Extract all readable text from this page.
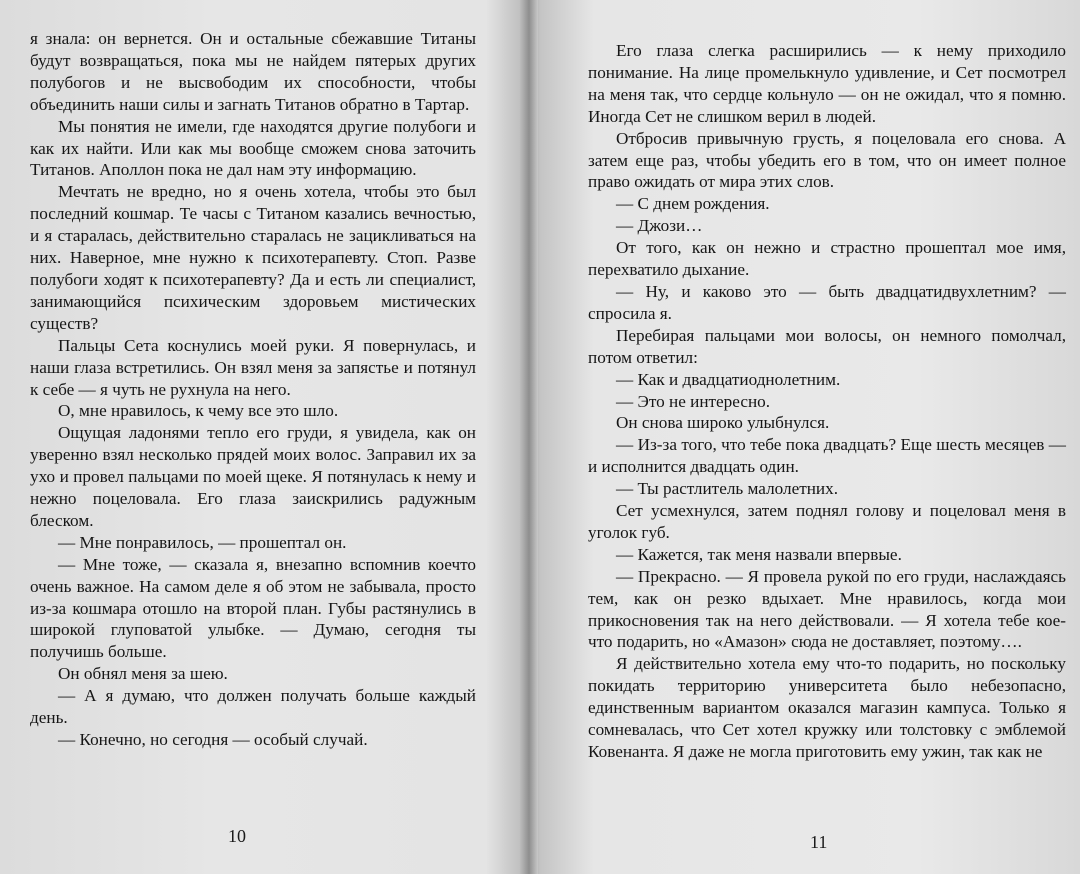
я знала: он вернется. Он и остальные сбежавшие Титаны будут возвращаться, пока мы не найдем пятерых других полубогов и не высвободим их способности, чтобы объединить наши силы и загнать Титанов обратно в Тартар.

Мы понятия не имели, где находятся другие полубоги и как их найти. Или как мы вообще сможем снова заточить Титанов. Аполлон пока не дал нам эту информацию.

Мечтать не вредно, но я очень хотела, чтобы это был последний кошмар. Те часы с Титаном казались вечностью, и я старалась, действительно старалась не зацикливаться на них. Наверное, мне нужно к психотерапевту. Стоп. Разве полубоги ходят к психотерапевту? Да и есть ли специалист, занимающийся психическим здоровьем мистических существ?

Пальцы Сета коснулись моей руки. Я повернулась, и наши глаза встретились. Он взял меня за запястье и потянул к себе — я чуть не рухнула на него.

О, мне нравилось, к чему все это шло.

Ощущая ладонями тепло его груди, я увидела, как он уверенно взял несколько прядей моих волос. Заправил их за ухо и провел пальцами по моей щеке. Я потянулась к нему и нежно поцеловала. Его глаза заискрились радужным блеском.

— Мне понравилось, — прошептал он.

— Мне тоже, — сказала я, внезапно вспомнив коечто очень важное. На самом деле я об этом не забывала, просто из-за кошмара отошло на второй план. Губы растянулись в широкой глуповатой улыбке. — Думаю, сегодня ты получишь больше.

Он обнял меня за шею.

— А я думаю, что должен получать больше каждый день.

— Конечно, но сегодня — особый случай.

10

Его глаза слегка расширились — к нему приходило понимание. На лице промелькнуло удивление, и Сет посмотрел на меня так, что сердце кольнуло — он не ожидал, что я помню. Иногда Сет не слишком верил в людей.

Отбросив привычную грусть, я поцеловала его снова. А затем еще раз, чтобы убедить его в том, что он имеет полное право ожидать от мира этих слов.

— С днем рождения.

— Джози…

От того, как он нежно и страстно прошептал мое имя, перехватило дыхание.

— Ну, и каково это — быть двадцатидвухлетним? — спросила я.

Перебирая пальцами мои волосы, он немного помолчал, потом ответил:

— Как и двадцатиоднолетним.

— Это не интересно.

Он снова широко улыбнулся.

— Из-за того, что тебе пока двадцать? Еще шесть месяцев — и исполнится двадцать один.

— Ты растлитель малолетних.

Сет усмехнулся, затем поднял голову и поцеловал меня в уголок губ.

— Кажется, так меня назвали впервые.

— Прекрасно. — Я провела рукой по его груди, наслаждаясь тем, как он резко вдыхает. Мне нравилось, когда мои прикосновения так на него действовали. — Я хотела тебе кое-что подарить, но «Амазон» сюда не доставляет, поэтому….

Я действительно хотела ему что-то подарить, но поскольку покидать территорию университета было небезопасно, единственным вариантом оказался магазин кампуса. Только я сомневалась, что Сет хотел кружку или толстовку с эмблемой Ковенанта. Я даже не могла приготовить ему ужин, так как не

11
